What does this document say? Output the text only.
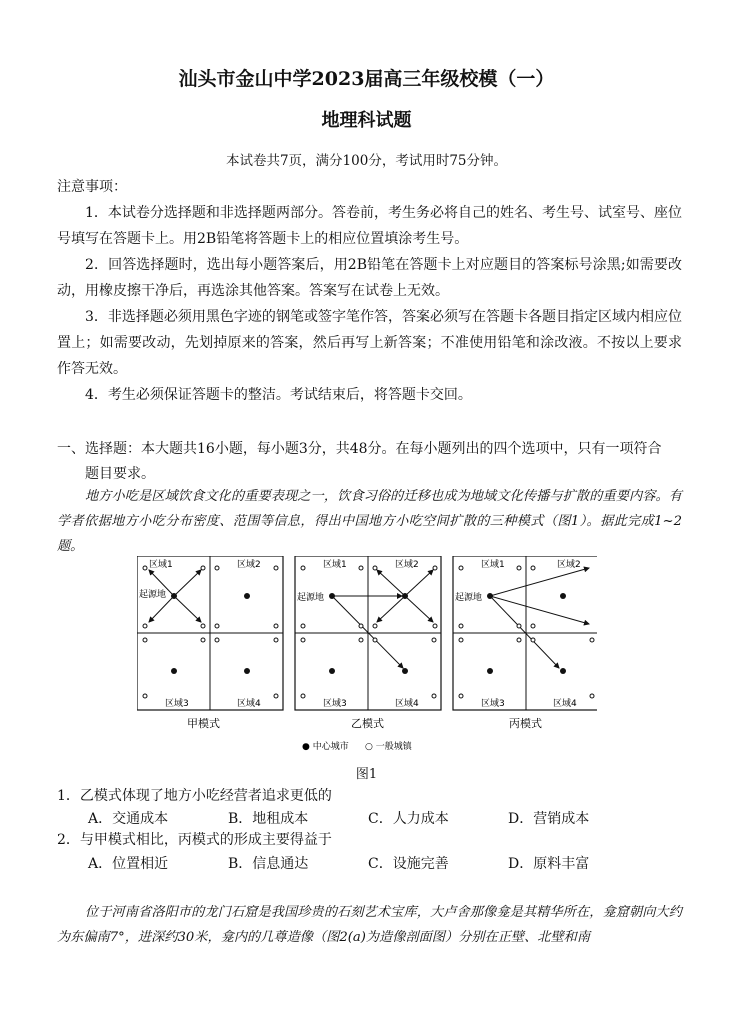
汕头市金山中学2023届高三年级校模（一）
地理科试题
本试卷共7页，满分100分，考试用时75分钟。
注意事项：
1．本试卷分选择题和非选择题两部分。答卷前，考生务必将自己的姓名、考生号、试室号、座位号填写在答题卡上。用2B铅笔将答题卡上的相应位置填涂考生号。
2．回答选择题时，选出每小题答案后，用2B铅笔在答题卡上对应题目的答案标号涂黑;如需要改动，用橡皮擦干净后，再选涂其他答案。答案写在试卷上无效。
3．非选择题必须用黑色字迹的钢笔或签字笔作答，答案必须写在答题卡各题目指定区域内相应位置上；如需要改动，先划掉原来的答案，然后再写上新答案；不准使用铅笔和涂改液。不按以上要求作答无效。
4．考生必须保证答题卡的整洁。考试结束后，将答题卡交回。
一、选择题：本大题共16小题，每小题3分，共48分。在每小题列出的四个选项中，只有一项符合
题目要求。
地方小吃是区域饮食文化的重要表现之一，饮食习俗的迁移也成为地域文化传播与扩散的重要内容。有学者依据地方小吃分布密度、范围等信息，得出中国地方小吃空间扩散的三种模式（图1）。据此完成1~2题。
区域1	区域2
区域3	区域4
起源地
甲模式
区域1	区域2
区域3	区域4
起源地
乙模式
区域1	区域2
区域3	区域4
起源地
丙模式
● 中心城市 ○ 一般城镇
图1
1．乙模式体现了地方小吃经营者追求更低的
A．交通成本	B．地租成本	C．人力成本	D．营销成本
2．与甲模式相比，丙模式的形成主要得益于
A．位置相近	B．信息通达	C．设施完善	D．原料丰富
位于河南省洛阳市的龙门石窟是我国珍贵的石刻艺术宝库，大卢舍那像龛是其精华所在，龛窟朝向大约为东偏南7°，进深约30米，龛内的几尊造像（图2(a)为造像剖面图）分别在正壁、北壁和南
